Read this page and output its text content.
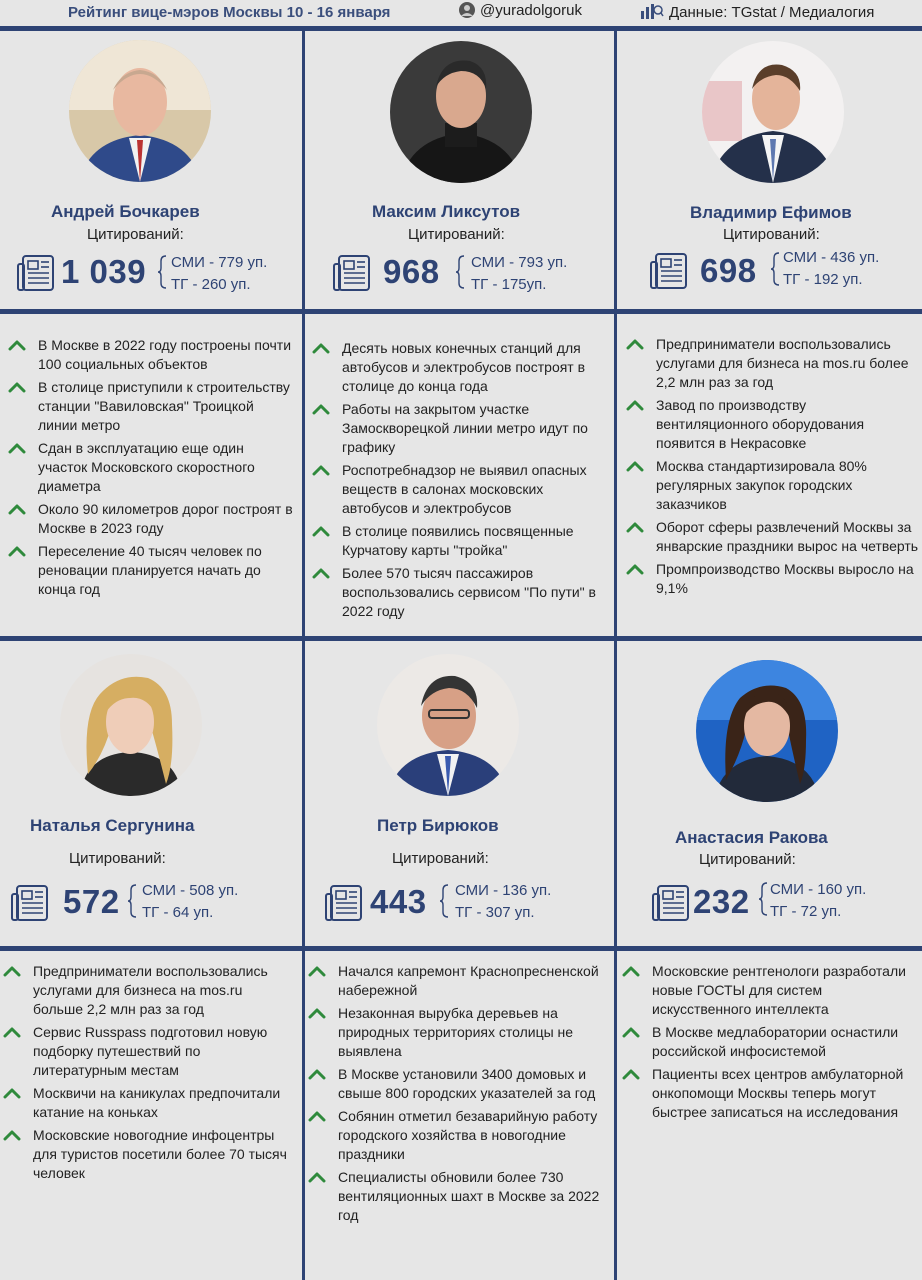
Рейтинг вице-мэров Москвы 10 - 16 января	@yuradolgoruk	Данные: TGstat / Медиалогия
Андрей Бочкарев
Цитирований:
1 039 СМИ - 779 уп.
ТГ - 260 уп.
Максим Ликсутов
Цитирований:
968 СМИ - 793 уп.
ТГ - 175уп.
Владимир Ефимов
Цитирований:
698 СМИ - 436 уп.
ТГ - 192 уп.
В Москве в 2022 году построены почти 100 социальных объектов
В столице приступили к строительству станции "Вавиловская" Троицкой линии метро
Сдан в эксплуатацию еще один участок Московского скоростного диаметра
Около 90 километров дорог построят в Москве в 2023 году
Переселение 40 тысяч человек по реновации планируется начать до конца год
Десять новых конечных станций для автобусов и электробусов построят в столице до конца года
Работы на закрытом участке Замоскворецкой линии метро идут по графику
Роспотребнадзор не выявил опасных веществ в салонах московских автобусов и электробусов
В столице появились посвященные Курчатову карты "тройка"
Более 570 тысяч пассажиров воспользовались сервисом "По пути" в 2022 году
Предприниматели воспользовались услугами для бизнеса на mos.ru более 2,2 млн раз за год
Завод по производству вентиляционного оборудования появится в Некрасовке
Москва стандартизировала 80% регулярных закупок городских заказчиков
Оборот сферы развлечений Москвы за январские праздники вырос на четверть
Промпроизводство Москвы выросло на 9,1%
Наталья Сергунина
Цитирований:
572 СМИ - 508 уп.
ТГ - 64 уп.
Петр Бирюков
Цитирований:
443 СМИ - 136 уп.
ТГ - 307 уп.
Анастасия Ракова
Цитирований:
232 СМИ - 160 уп.
ТГ - 72 уп.
Предприниматели воспользовались услугами для бизнеса на mos.ru больше 2,2 млн раз за год
Сервис Russpass подготовил новую подборку путешествий по литературным местам
Москвичи на каникулах предпочитали катание на коньках
Московские новогодние инфоцентры для туристов посетили более 70 тысяч человек
Начался капремонт Краснопресненской набережной
Незаконная вырубка деревьев на природных территориях столицы не выявлена
В Москве установили 3400 домовых и свыше 800 городских указателей за год
Собянин отметил безаварийную работу городского хозяйства в новогодние праздники
Специалисты обновили более 730 вентиляционных шахт в Москве за 2022 год
Московские рентгенологи разработали новые ГОСТЫ для систем искусственного интеллекта
В Москве медлаборатории оснастили российской инфосистемой
Пациенты всех центров амбулаторной онкопомощи Москвы теперь могут быстрее записаться на исследования
